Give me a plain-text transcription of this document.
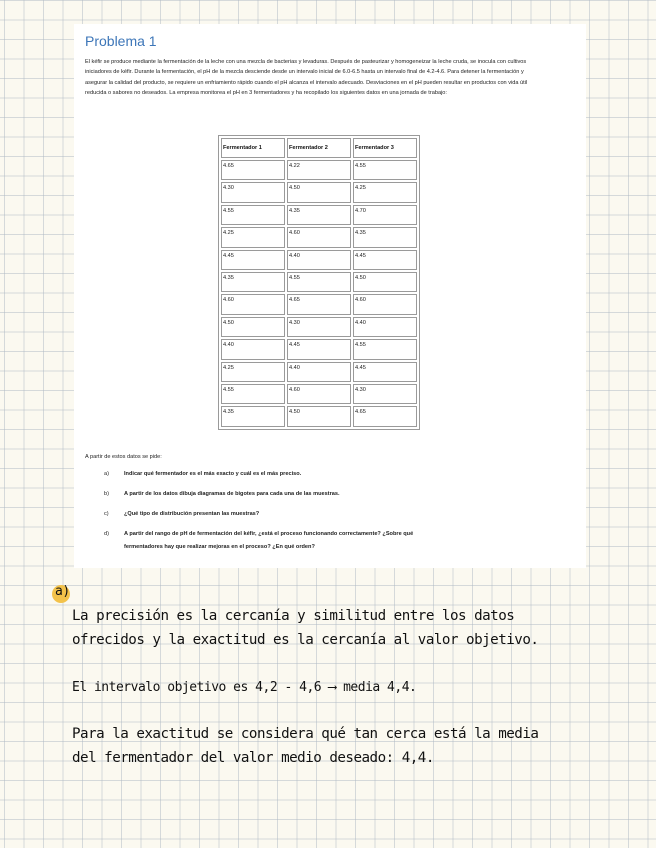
Problema 1

El kéfir se produce mediante la fermentación de la leche con una mezcla de bacterias y levaduras. Después de pasteurizar y homogeneizar la leche cruda, se inocula con cultivos iniciadores de kéfir. Durante la fermentación, el pH de la mezcla desciende desde un intervalo inicial de 6.0-6.5 hasta un intervalo final de 4.2-4.6. Para detener la fermentación y asegurar la calidad del producto, se requiere un enfriamiento rápido cuando el pH alcanza el intervalo adecuado. Desviaciones en el pH pueden resultar en productos con vida útil reducida o sabores no deseados. La empresa monitorea el pH en 3 fermentadores y ha recopilado los siguientes datos en una jornada de trabajo:

Fermentador 1	Fermentador 2	Fermentador 3
4.65	4.22	4.55
4.30	4.50	4.25
4.55	4.35	4.70
4.25	4.60	4.35
4.45	4.40	4.45
4.35	4.55	4.50
4.60	4.65	4.60
4.50	4.30	4.40
4.40	4.45	4.55
4.25	4.40	4.45
4.55	4.60	4.30
4.35	4.50	4.65
A partir de estos datos se pide:
a)	Indicar qué fermentador es el más exacto y cuál es el más preciso.
b)	A partir de los datos dibuja diagramas de bigotes para cada una de las muestras.
c)	¿Qué tipo de distribución presentan las muestras?
d)	A partir del rango de pH de fermentación del kéfir, ¿está el proceso funcionando correctamente? ¿Sobre qué
fermentadores hay que realizar mejoras en el proceso? ¿En qué orden?
a)
La precisión es la cercanía y similitud entre los datos
ofrecidos y la exactitud es la cercanía al valor objetivo.
El intervalo objetivo es 4,2 - 4,6 ⟶ media 4,4.
Para la exactitud se considera qué tan cerca está la media
del fermentador del valor medio deseado: 4,4.
